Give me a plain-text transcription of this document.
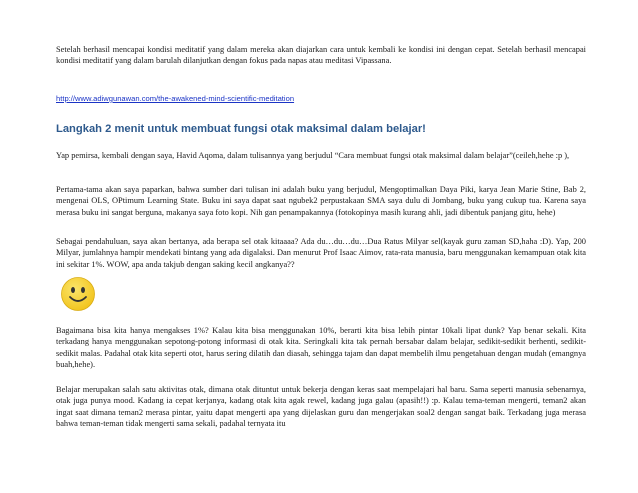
Setelah berhasil mencapai kondisi meditatif yang dalam mereka akan diajarkan cara untuk kembali ke kondisi ini dengan cepat. Setelah berhasil mencapai kondisi meditatif yang dalam barulah dilanjutkan dengan fokus pada napas atau meditasi Vipassana.

http://www.adiwgunawan.com/the-awakened-mind-scientific-meditation
Langkah 2 menit untuk membuat fungsi otak maksimal dalam belajar!

Yap pemirsa, kembali dengan saya, Havid Aqoma, dalam tulisannya yang berjudul “Cara membuat fungsi otak maksimal dalam belajar”(ceileh,hehe :p ),

Pertama-tama akan saya paparkan, bahwa sumber dari tulisan ini adalah buku yang berjudul, Mengoptimalkan Daya Piki, karya Jean Marie Stine, Bab 2, mengenai OLS, OPtimum Learning State. Buku ini saya dapat saat ngubek2 perpustakaan SMA saya dulu di Jombang, buku yang cukup tua. Karena saya merasa buku ini sangat berguna, makanya saya foto kopi. Nih gan penampakannya (fotokopinya masih kurang ahli, jadi dibentuk panjang gitu, hehe)

Sebagai pendahuluan, saya akan bertanya, ada berapa sel otak kitaaaa? Ada du…du…du…Dua Ratus Milyar sel(kayak guru zaman SD,haha :D). Yap, 200 Milyar, jumlahnya hampir mendekati bintang yang ada digalaksi. Dan menurut Prof Isaac Aimov, rata-rata manusia, baru menggunakan kemampuan otak kita ini sekitar 1%. WOW, apa anda takjub dengan saking kecil angkanya??

Bagaimana bisa kita hanya mengakses 1%? Kalau kita bisa menggunakan 10%, berarti kita bisa lebih pintar 10kali lipat dunk? Yap benar sekali. Kita terkadang hanya menggunakan sepotong-potong informasi di otak kita. Seringkali kita tak pernah bersabar dalam belajar, sedikit-sedikit berhenti, sedikit-sedikit malas. Padahal otak kita seperti otot, harus sering dilatih dan diasah, sehingga tajam dan dapat membelih ilmu pengetahuan dengan mudah (emangnya buah,hehe).

Belajar merupakan salah satu aktivitas otak, dimana otak dituntut untuk bekerja dengan keras saat mempelajari hal baru. Sama seperti manusia sebenarnya, otak juga punya mood. Kadang ia cepat kerjanya, kadang otak kita agak rewel, kadang juga galau (apasih!!) :p. Kalau tema-teman mengerti, teman2 akan ingat saat dimana teman2 merasa pintar, yaitu dapat mengerti apa yang dijelaskan guru dan mengerjakan soal2 dengan sangat baik. Terkadang juga merasa bahwa teman-teman tidak mengerti sama sekali, padahal ternyata itu
